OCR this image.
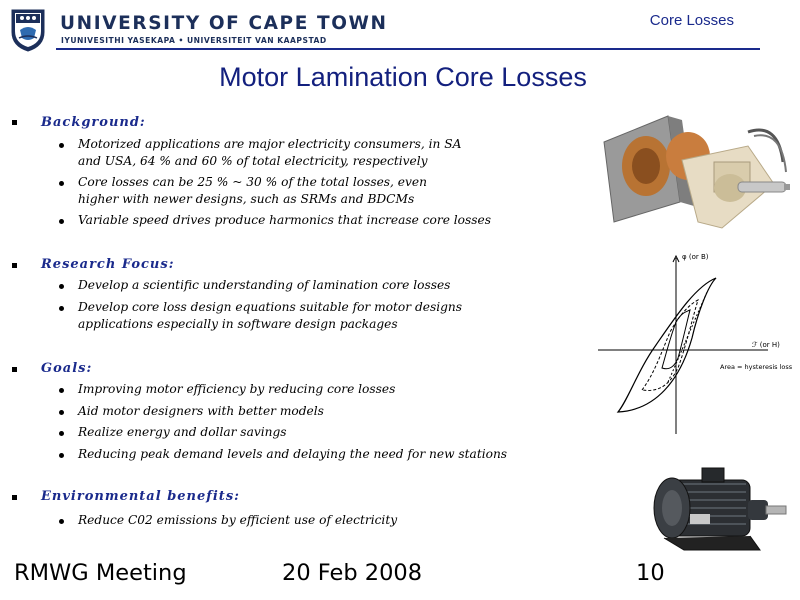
UNIVERSITY OF CAPE TOWN
IYUNIVESITHI YASEKAPA • UNIVERSITEIT VAN KAAPSTAD
Core Losses
Motor Lamination Core Losses
Background:
Motorized applications are major electricity consumers, in SA
and USA, 64 % and 60 % of total electricity, respectively
Core losses can be 25 % ~ 30 % of the total losses, even
higher with newer designs, such as SRMs and BDCMs
Variable speed drives produce harmonics that increase core losses
Research Focus:
Develop a scientific understanding of lamination core losses
Develop core loss design equations suitable for motor designs
applications especially in software design packages
Goals:
Improving motor efficiency by reducing core losses
Aid motor designers with better models
Realize energy and dollar savings
Reducing peak demand levels and delaying the need for new stations
Environmental benefits:
Reduce C02 emissions by efficient use of electricity
φ (or B)
ℱ (or H)
Area = hysteresis loss
RMWG Meeting	20 Feb 2008	10
